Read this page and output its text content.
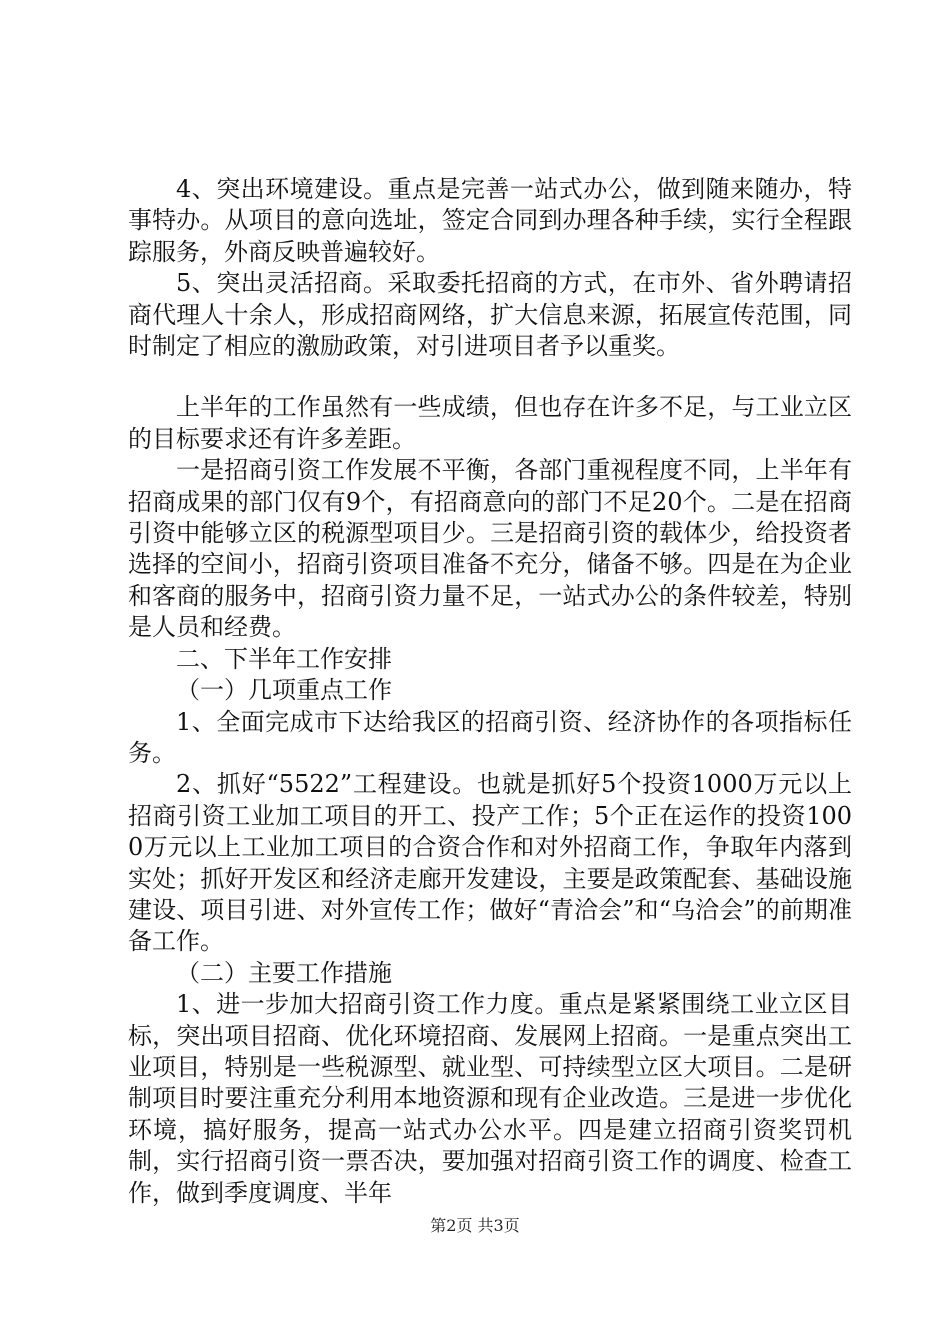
4、突出环境建设。重点是完善一站式办公，做到随来随办，特事特办。从项目的意向选址，签定合同到办理各种手续，实行全程跟踪服务，外商反映普遍较好。

5、突出灵活招商。采取委托招商的方式，在市外、省外聘请招商代理人十余人，形成招商网络，扩大信息来源，拓展宣传范围，同时制定了相应的激励政策，对引进项目者予以重奖。

上半年的工作虽然有一些成绩，但也存在许多不足，与工业立区的目标要求还有许多差距。

一是招商引资工作发展不平衡，各部门重视程度不同，上半年有招商成果的部门仅有9个，有招商意向的部门不足20个。二是在招商引资中能够立区的税源型项目少。三是招商引资的载体少，给投资者选择的空间小，招商引资项目准备不充分，储备不够。四是在为企业和客商的服务中，招商引资力量不足，一站式办公的条件较差，特别是人员和经费。

二、下半年工作安排

（一）几项重点工作

1、全面完成市下达给我区的招商引资、经济协作的各项指标任务。

2、抓好“5522”工程建设。也就是抓好5个投资1000万元以上招商引资工业加工项目的开工、投产工作；5个正在运作的投资1000万元以上工业加工项目的合资合作和对外招商工作，争取年内落到实处；抓好开发区和经济走廊开发建设，主要是政策配套、基础设施建设、项目引进、对外宣传工作；做好“青洽会”和“乌洽会”的前期准备工作。

（二）主要工作措施

1、进一步加大招商引资工作力度。重点是紧紧围绕工业立区目标，突出项目招商、优化环境招商、发展网上招商。一是重点突出工业项目，特别是一些税源型、就业型、可持续型立区大项目。二是研制项目时要注重充分利用本地资源和现有企业改造。三是进一步优化环境，搞好服务，提高一站式办公水平。四是建立招商引资奖罚机制，实行招商引资一票否决，要加强对招商引资工作的调度、检查工作，做到季度调度、半年

第2页 共3页
